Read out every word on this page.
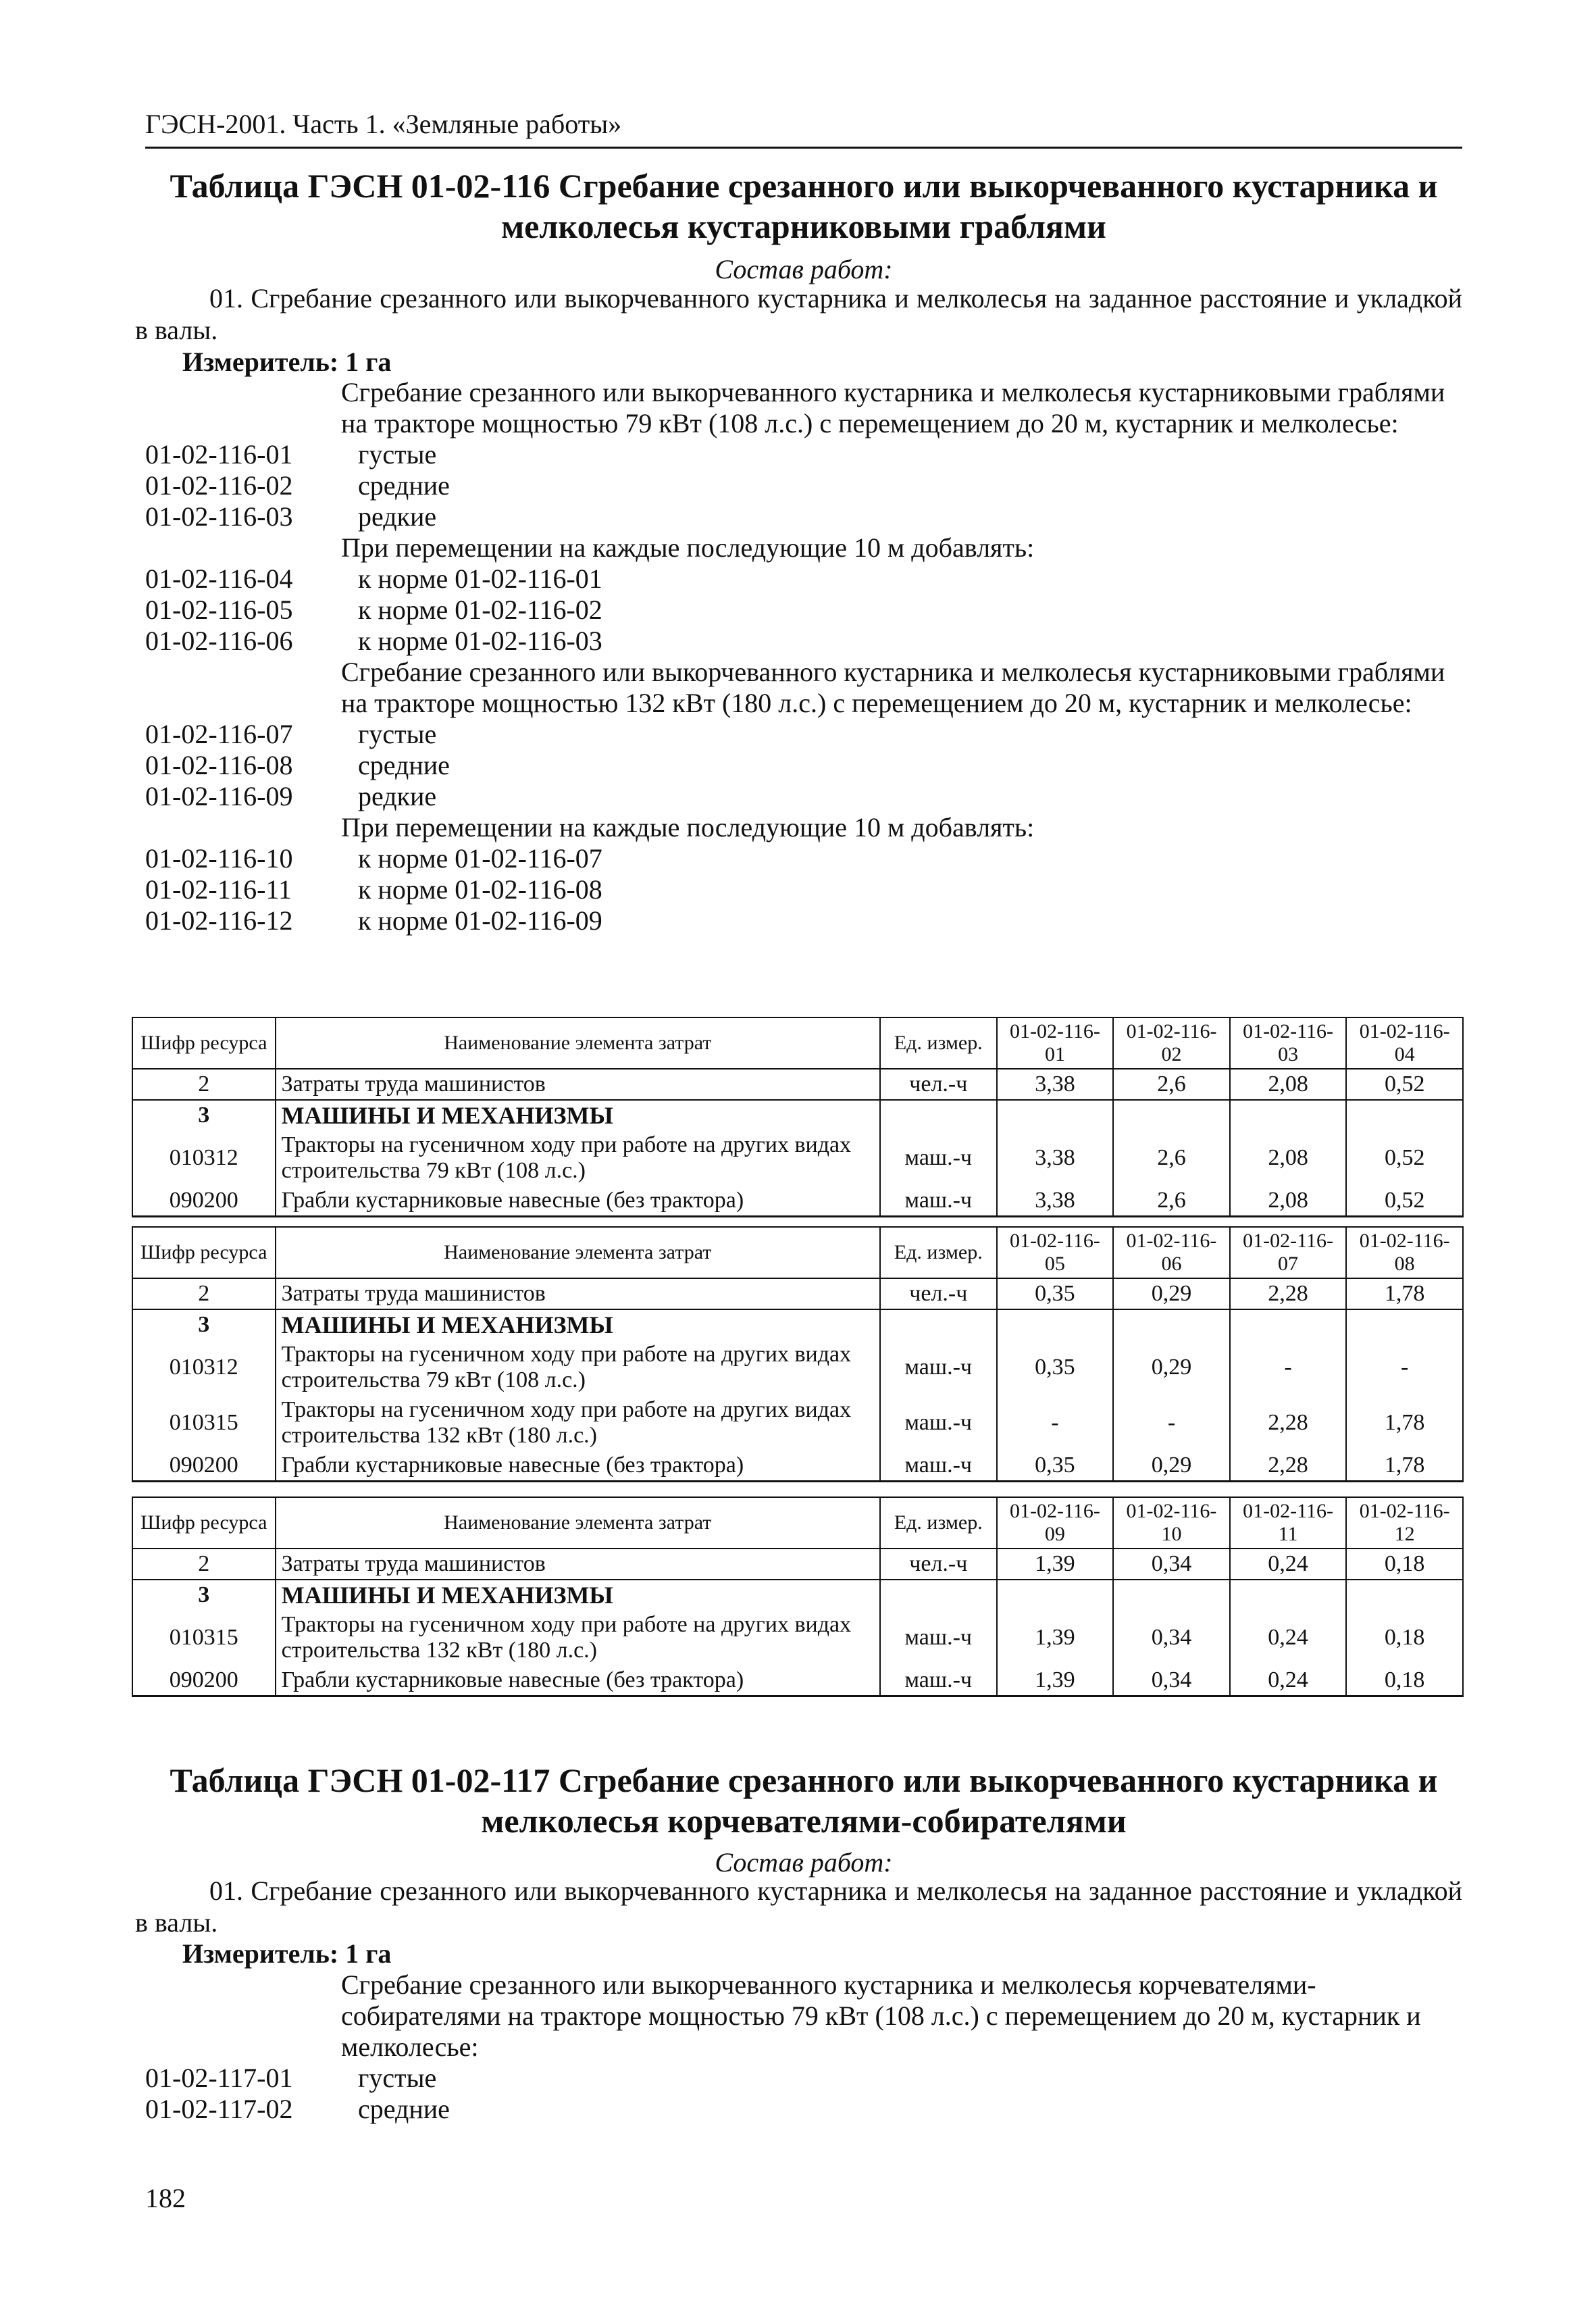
ГЭСН-2001. Часть 1. «Земляные работы»
Таблица ГЭСН 01-02-116 Сгребание срезанного или выкорчеванного кустарника и
мелколесья кустарниковыми граблями
Состав работ:
01. Сгребание срезанного или выкорчеванного кустарника и мелколесья на заданное расстояние и укладкой в валы.
Измеритель: 1 га
Сгребание срезанного или выкорчеванного кустарника и мелколесья кустарниковыми граблями на тракторе мощностью 79 кВт (108 л.с.) с перемещением до 20 м, кустарник и мелколесье:
01-02-116-01 густые
01-02-116-02 средние
01-02-116-03 редкие
При перемещении на каждые последующие 10 м добавлять:
01-02-116-04 к норме 01-02-116-01
01-02-116-05 к норме 01-02-116-02
01-02-116-06 к норме 01-02-116-03
Сгребание срезанного или выкорчеванного кустарника и мелколесья кустарниковыми граблями на тракторе мощностью 132 кВт (180 л.с.) с перемещением до 20 м, кустарник и мелколесье:
01-02-116-07 густые
01-02-116-08 средние
01-02-116-09 редкие
При перемещении на каждые последующие 10 м добавлять:
01-02-116-10 к норме 01-02-116-07
01-02-116-11 к норме 01-02-116-08
01-02-116-12 к норме 01-02-116-09
Шифр ресурса	Наименование элемента затрат	Ед. измер.	01-02-116-01	01-02-116-02	01-02-116-03	01-02-116-04
2	Затраты труда машинистов	чел.-ч	3,38	2,6	2,08	0,52
3	МАШИНЫ И МЕХАНИЗМЫ					
010312	Тракторы на гусеничном ходу при работе на других видах строительства 79 кВт (108 л.с.)	маш.-ч	3,38	2,6	2,08	0,52
090200	Грабли кустарниковые навесные (без трактора)	маш.-ч	3,38	2,6	2,08	0,52
Шифр ресурса	Наименование элемента затрат	Ед. измер.	01-02-116-05	01-02-116-06	01-02-116-07	01-02-116-08
2	Затраты труда машинистов	чел.-ч	0,35	0,29	2,28	1,78
3	МАШИНЫ И МЕХАНИЗМЫ					
010312	Тракторы на гусеничном ходу при работе на других видах строительства 79 кВт (108 л.с.)	маш.-ч	0,35	0,29	-	-
010315	Тракторы на гусеничном ходу при работе на других видах строительства 132 кВт (180 л.с.)	маш.-ч	-	-	2,28	1,78
090200	Грабли кустарниковые навесные (без трактора)	маш.-ч	0,35	0,29	2,28	1,78
Шифр ресурса	Наименование элемента затрат	Ед. измер.	01-02-116-09	01-02-116-10	01-02-116-11	01-02-116-12
2	Затраты труда машинистов	чел.-ч	1,39	0,34	0,24	0,18
3	МАШИНЫ И МЕХАНИЗМЫ					
010315	Тракторы на гусеничном ходу при работе на других видах строительства 132 кВт (180 л.с.)	маш.-ч	1,39	0,34	0,24	0,18
090200	Грабли кустарниковые навесные (без трактора)	маш.-ч	1,39	0,34	0,24	0,18
Таблица ГЭСН 01-02-117 Сгребание срезанного или выкорчеванного кустарника и
мелколесья корчевателями-собирателями
Состав работ:
01. Сгребание срезанного или выкорчеванного кустарника и мелколесья на заданное расстояние и укладкой в валы.
Измеритель: 1 га
Сгребание срезанного или выкорчеванного кустарника и мелколесья корчевателями-собирателями на тракторе мощностью 79 кВт (108 л.с.) с перемещением до 20 м, кустарник и мелколесье:
01-02-117-01 густые
01-02-117-02 средние
182
